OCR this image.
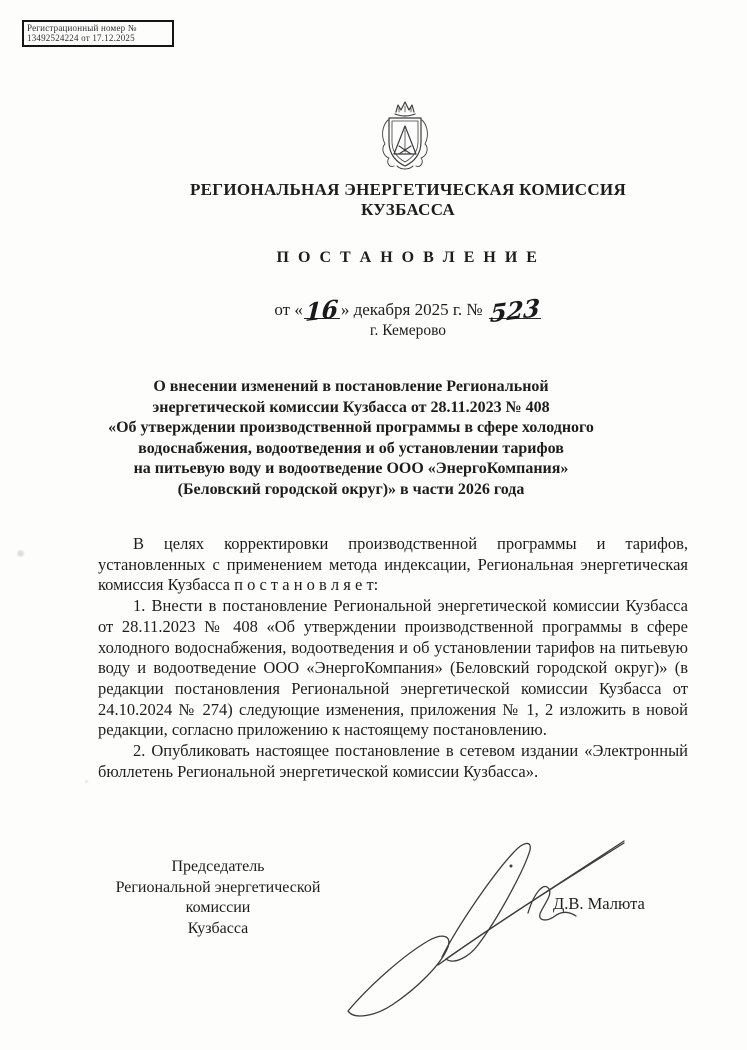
Регистрационный номер №
13492524224 от 17.12.2025
РЕГИОНАЛЬНАЯ ЭНЕРГЕТИЧЕСКАЯ КОМИССИЯ
КУЗБАССА
П О С Т А Н О В Л Е Н И Е
от «16» декабря 2025 г. № 523
г. Кемерово
О внесении изменений в постановление Региональной
энергетической комиссии Кузбасса от 28.11.2023 № 408
«Об утверждении производственной программы в сфере холодного
водоснабжения, водоотведения и об установлении тарифов
на питьевую воду и водоотведение ООО «ЭнергоКомпания»
(Беловский городской округ)» в части 2026 года

В целях корректировки производственной программы и тарифов, установленных с применением метода индексации, Региональная энергетическая комиссия Кузбасса п о с т а н о в л я е т:

1. Внести в постановление Региональной энергетической комиссии Кузбасса от 28.11.2023 № 408 «Об утверждении производственной программы в сфере холодного водоснабжения, водоотведения и об установлении тарифов на питьевую воду и водоотведение ООО «ЭнергоКомпания» (Беловский городской округ)» (в редакции постановления Региональной энергетической комиссии Кузбасса от 24.10.2024 № 274) следующие изменения, приложения № 1, 2 изложить в новой редакции, согласно приложению к настоящему постановлению.

2. Опубликовать настоящее постановление в сетевом издании «Электронный бюллетень Региональной энергетической комиссии Кузбасса».

Председатель
Региональной энергетической комиссии
Кузбасса
Д.В. Малюта
